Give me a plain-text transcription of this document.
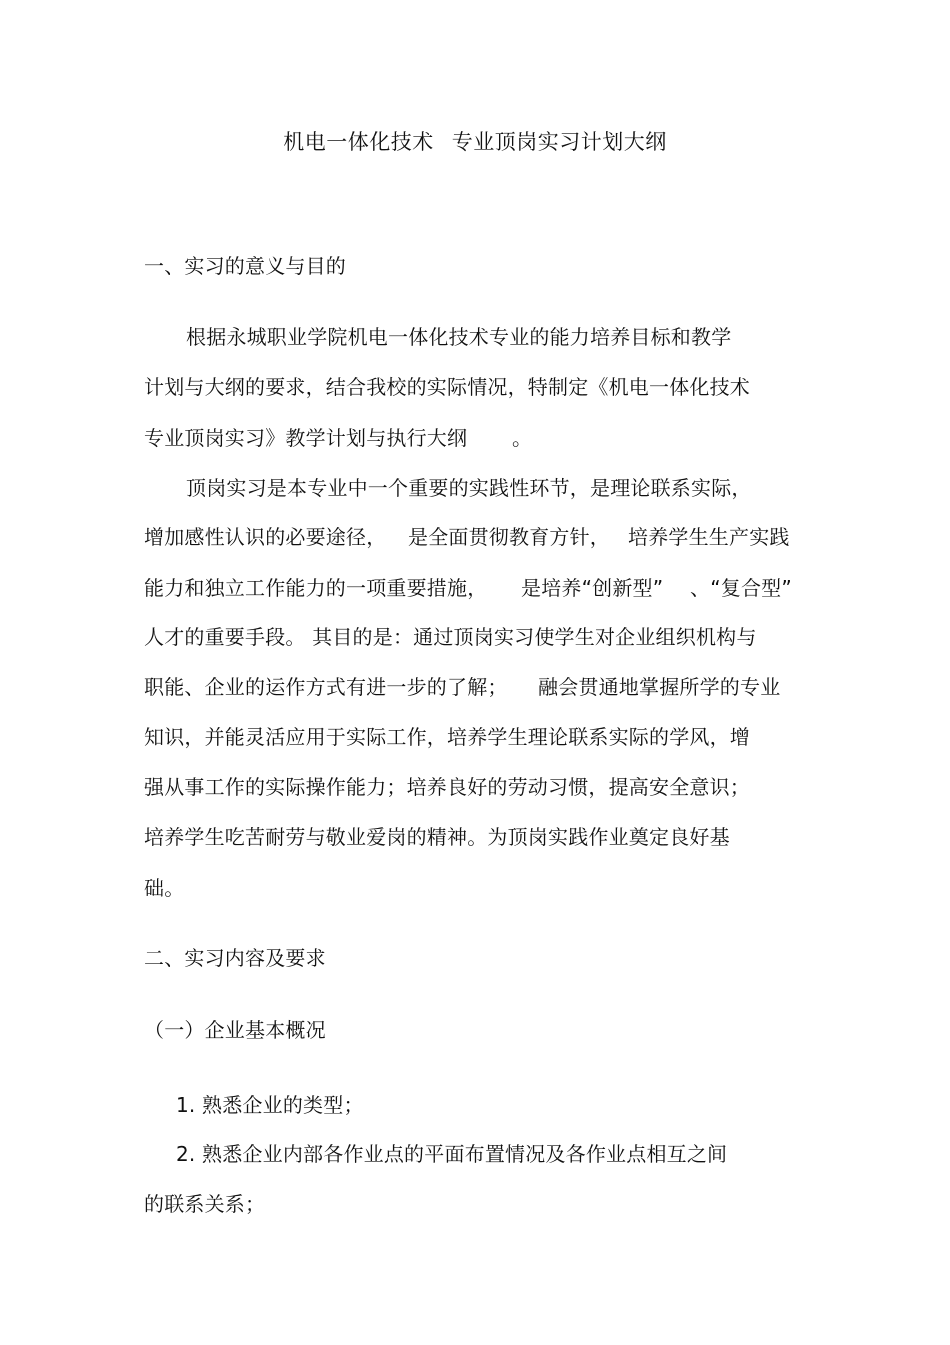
机电一体化技术 专业顶岗实习计划大纲
一、实习的意义与目的
根据永城职业学院机电一体化技术专业的能力培养目标和教学
计划与大纲的要求，结合我校的实际情况，特制定《机电一体化技术
专业顶岗实习》教学计划与执行大纲 。
顶岗实习是本专业中一个重要的实践性环节，是理论联系实际，
增加感性认识的必要途径， 是全面贯彻教育方针， 培养学生生产实践
能力和独立工作能力的一项重要措施， 是培养“创新型” 、“复合型”
人才的重要手段。 其目的是：通过顶岗实习使学生对企业组织机构与
职能、企业的运作方式有进一步的了解； 融会贯通地掌握所学的专业
知识，并能灵活应用于实际工作，培养学生理论联系实际的学风，增
强从事工作的实际操作能力；培养良好的劳动习惯，提高安全意识；
培养学生吃苦耐劳与敬业爱岗的精神。为顶岗实践作业奠定良好基
础。
二、实习内容及要求
（一）企业基本概况
1. 熟悉企业的类型；
2. 熟悉企业内部各作业点的平面布置情况及各作业点相互之间
的联系关系；
